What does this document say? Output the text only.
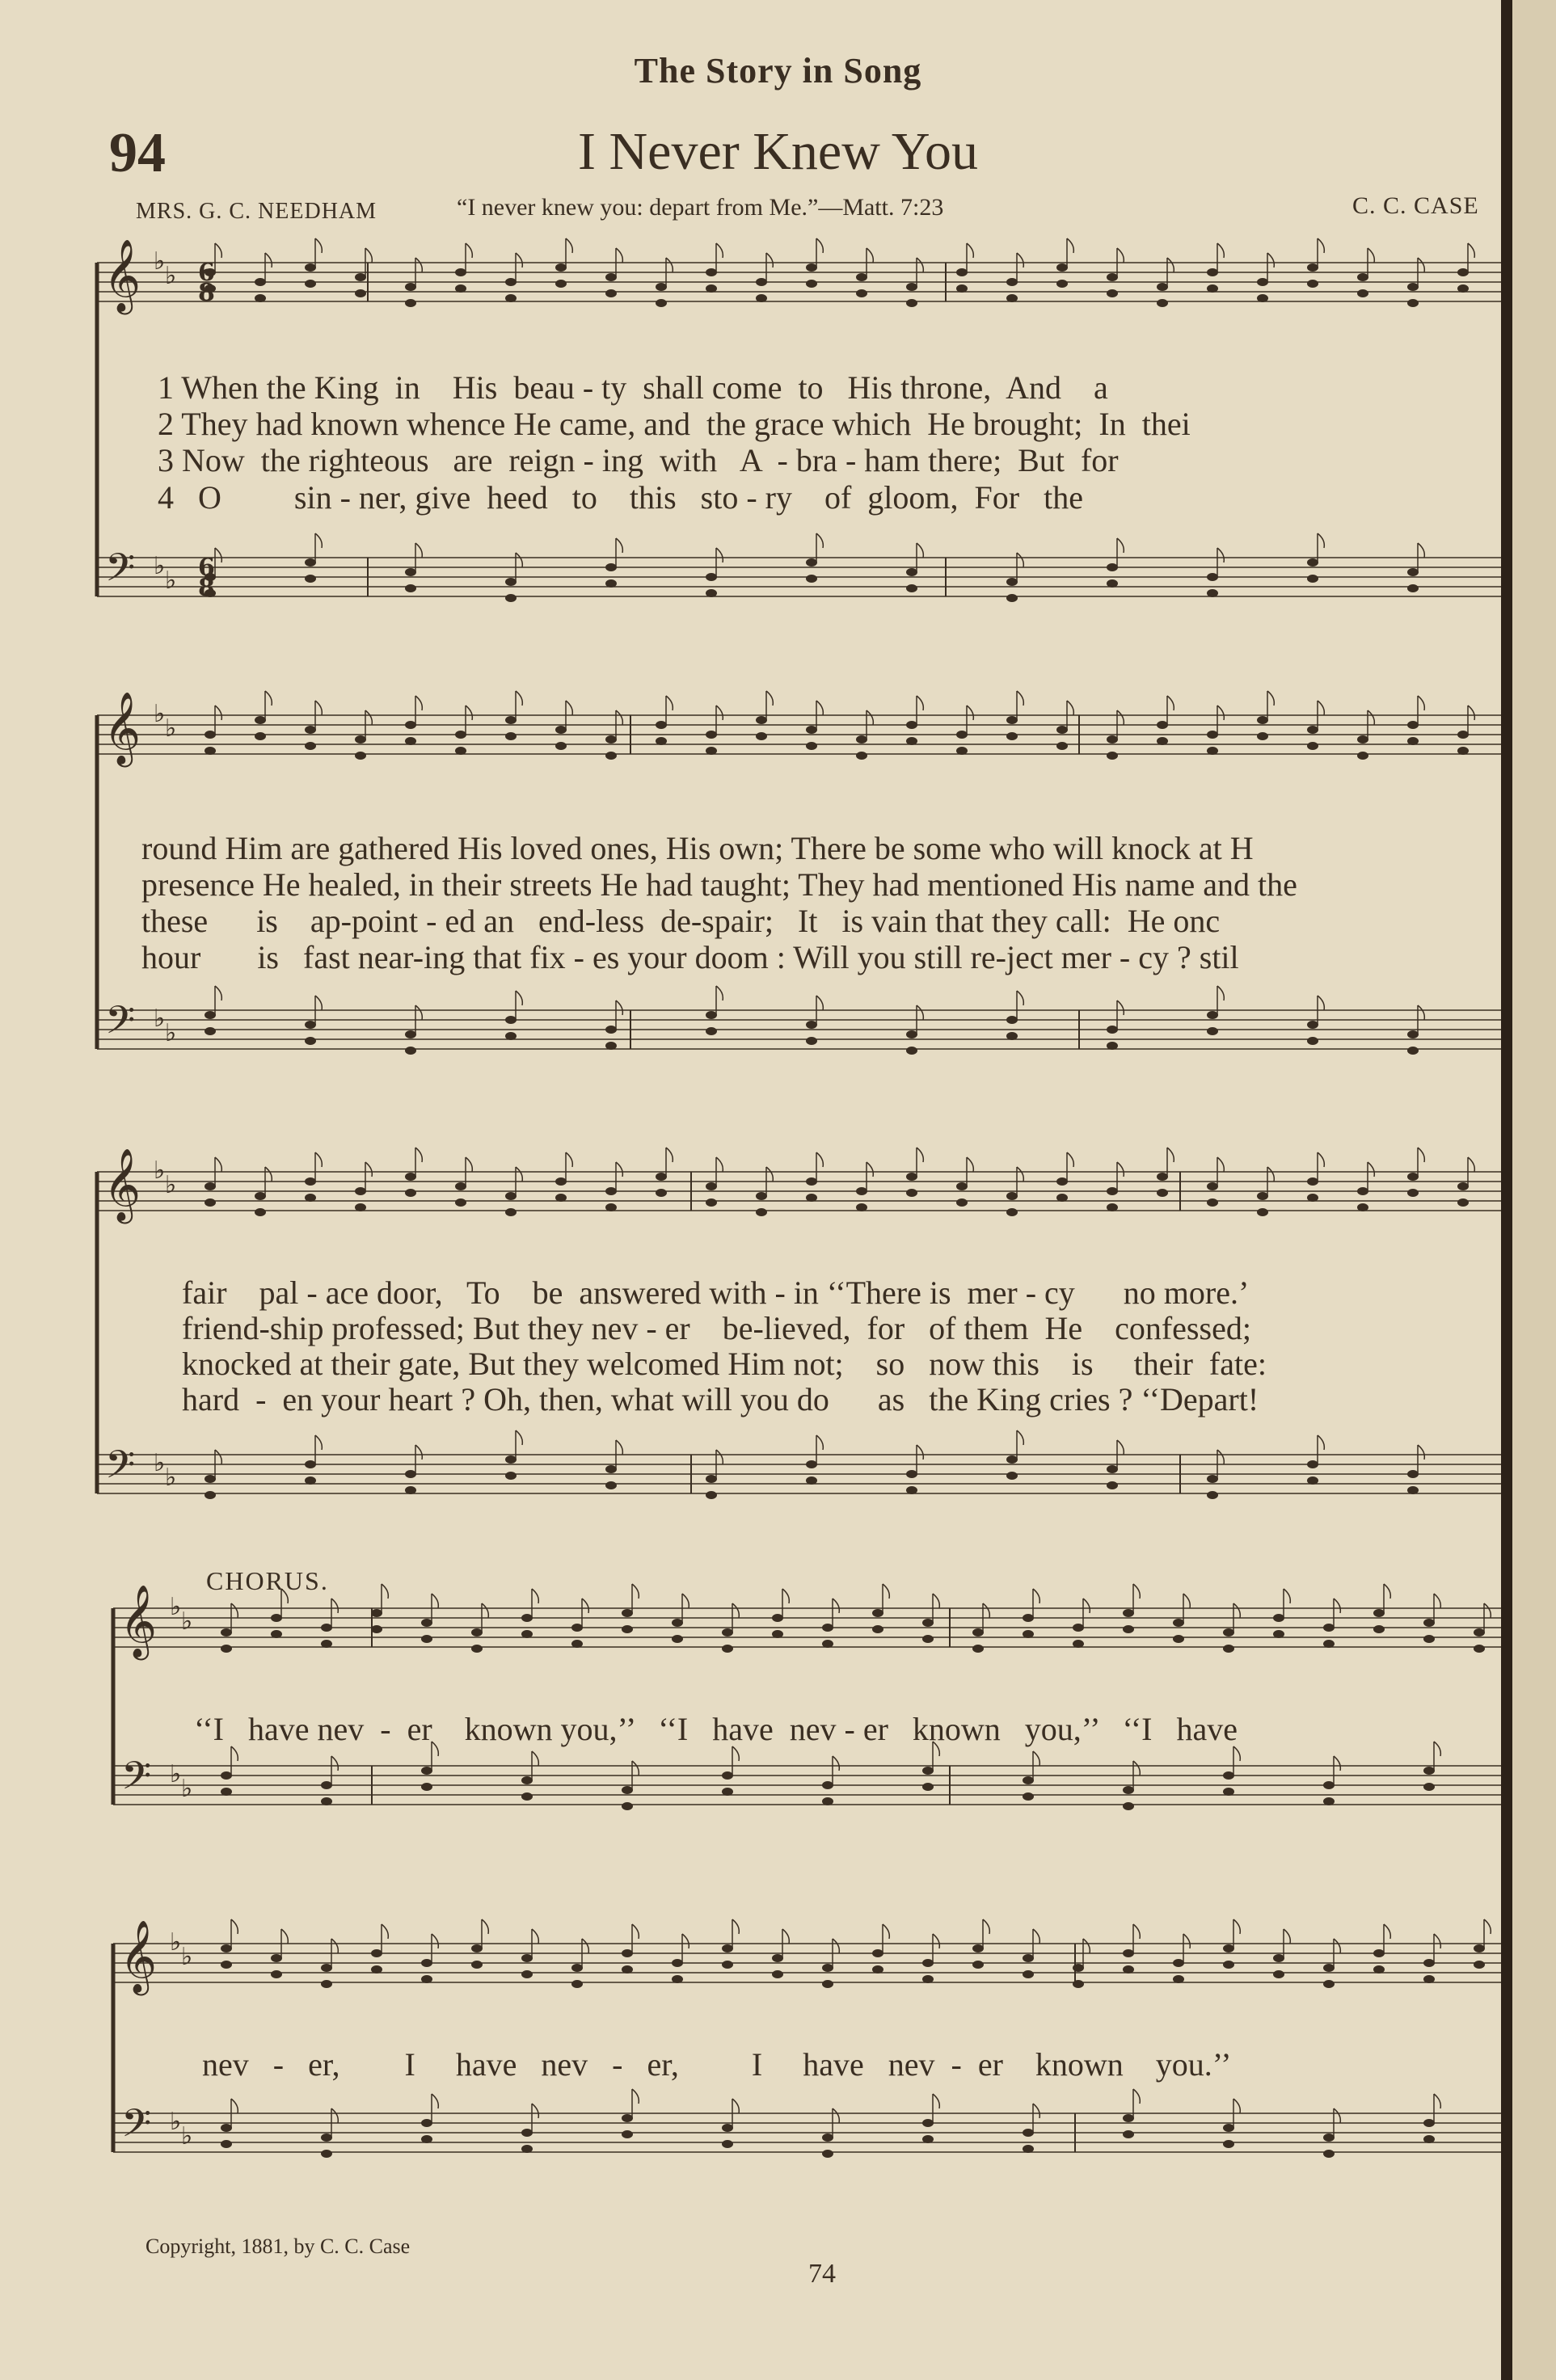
The Story in Song
94	I Never Knew You
MRS. G. C. NEEDHAM	“I never knew you: depart from Me.”—Matt. 7:23	C. C. CASE
𝄞 ♭
♭
𝄢 ♭
♭
𝄞 ♭
♭
𝄢 ♭
♭
𝄞 ♭
♭
𝄢 ♭
♭
𝄞 ♭
♭
𝄢 ♭
♭
𝄞 ♭
♭
𝄢 ♭
♭
6
8
6
8
1 When the King  in    His  beau - ty  shall come  to   His throne,  And    a
2 They had known whence He came, and  the grace which  He brought;  In  thei
3 Now  the righteous   are  reign - ing  with   A  - bra - ham there;  But  for
4   O         sin - ner, give  heed   to    this   sto - ry    of  gloom,  For   the
round Him are gathered His loved ones, His own; There be some who will knock at H
presence He healed, in their streets He had taught; They had mentioned His name and the
these      is    ap-point - ed an   end-less  de-spair;   It   is vain that they call:  He onc
hour       is   fast near-ing that fix - es your doom : Will you still re-ject mer - cy ? stil
fair    pal - ace door,   To    be  answered with - in ‘‘There is  mer - cy      no more.’
friend-ship professed; But they nev - er    be-lieved,  for   of them  He    confessed;
knocked at their gate, But they welcomed Him not;    so   now this    is     their  fate:
hard  -  en your heart ? Oh, then, what will you do      as   the King cries ? ‘‘Depart!
CHORUS.
‘‘I   have nev  -  er    known you,’’   ‘‘I   have  nev - er   known   you,’’   ‘‘I   have
nev   -   er,        I     have   nev   -   er,         I     have   nev  -  er    known    you.’’
Copyright, 1881, by C. C. Case
74
